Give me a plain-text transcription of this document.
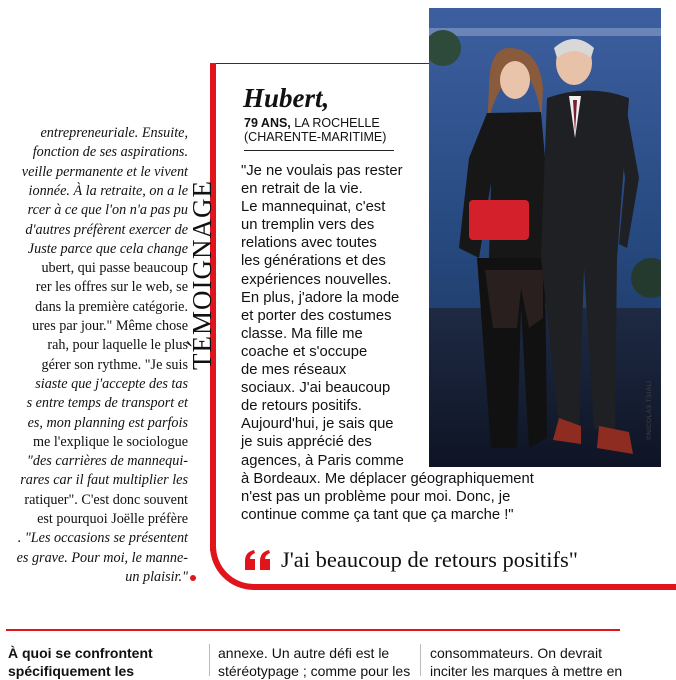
entrepreneuriale. Ensuite,
fonction de ses aspirations.
veille permanente et le vivent
ionnée. À la retraite, on a le
rcer à ce que l'on n'a pas pu
d'autres préfèrent exercer de
Juste parce que cela change
ubert, qui passe beaucoup
rer les offres sur le web, se
dans la première catégorie.
ures par jour." Même chose
rah, pour laquelle le plus
gérer son rythme. "Je suis
siaste que j'accepte des tas
s entre temps de transport et
es, mon planning est parfois
me l'explique le sociologue
"des carrières de mannequi-
rares car il faut multiplier les
ratiquer". C'est donc souvent
est pourquoi Joëlle préfère
. "Les occasions se présentent
es grave. Pour moi, le manne-
un plaisir."
TÉMOIGNAGE
Hubert,
79 ANS, LA ROCHELLE
(CHARENTE-MARITIME)
"Je ne voulais pas rester
en retrait de la vie.
Le mannequinat, c'est
un tremplin vers des
relations avec toutes
les générations et des
expériences nouvelles.
En plus, j'adore la mode
et porter des costumes
classe. Ma fille me
coache et s'occupe
de mes réseaux
sociaux. J'ai beaucoup
de retours positifs.
Aujourd'hui, je sais que
je suis apprécié des
agences, à Paris comme
à Bordeaux. Me déplacer géographiquement
n'est pas un problème pour moi. Donc, je
continue comme ça tant que ça marche !"
J'ai beaucoup de retours positifs"
©NICOLAS TSIALI
À quoi se confrontent
spécifiquement les
annexe. Un autre défi est le
stéréotypage ; comme pour les
consommateurs. On devrait
inciter les marques à mettre en
